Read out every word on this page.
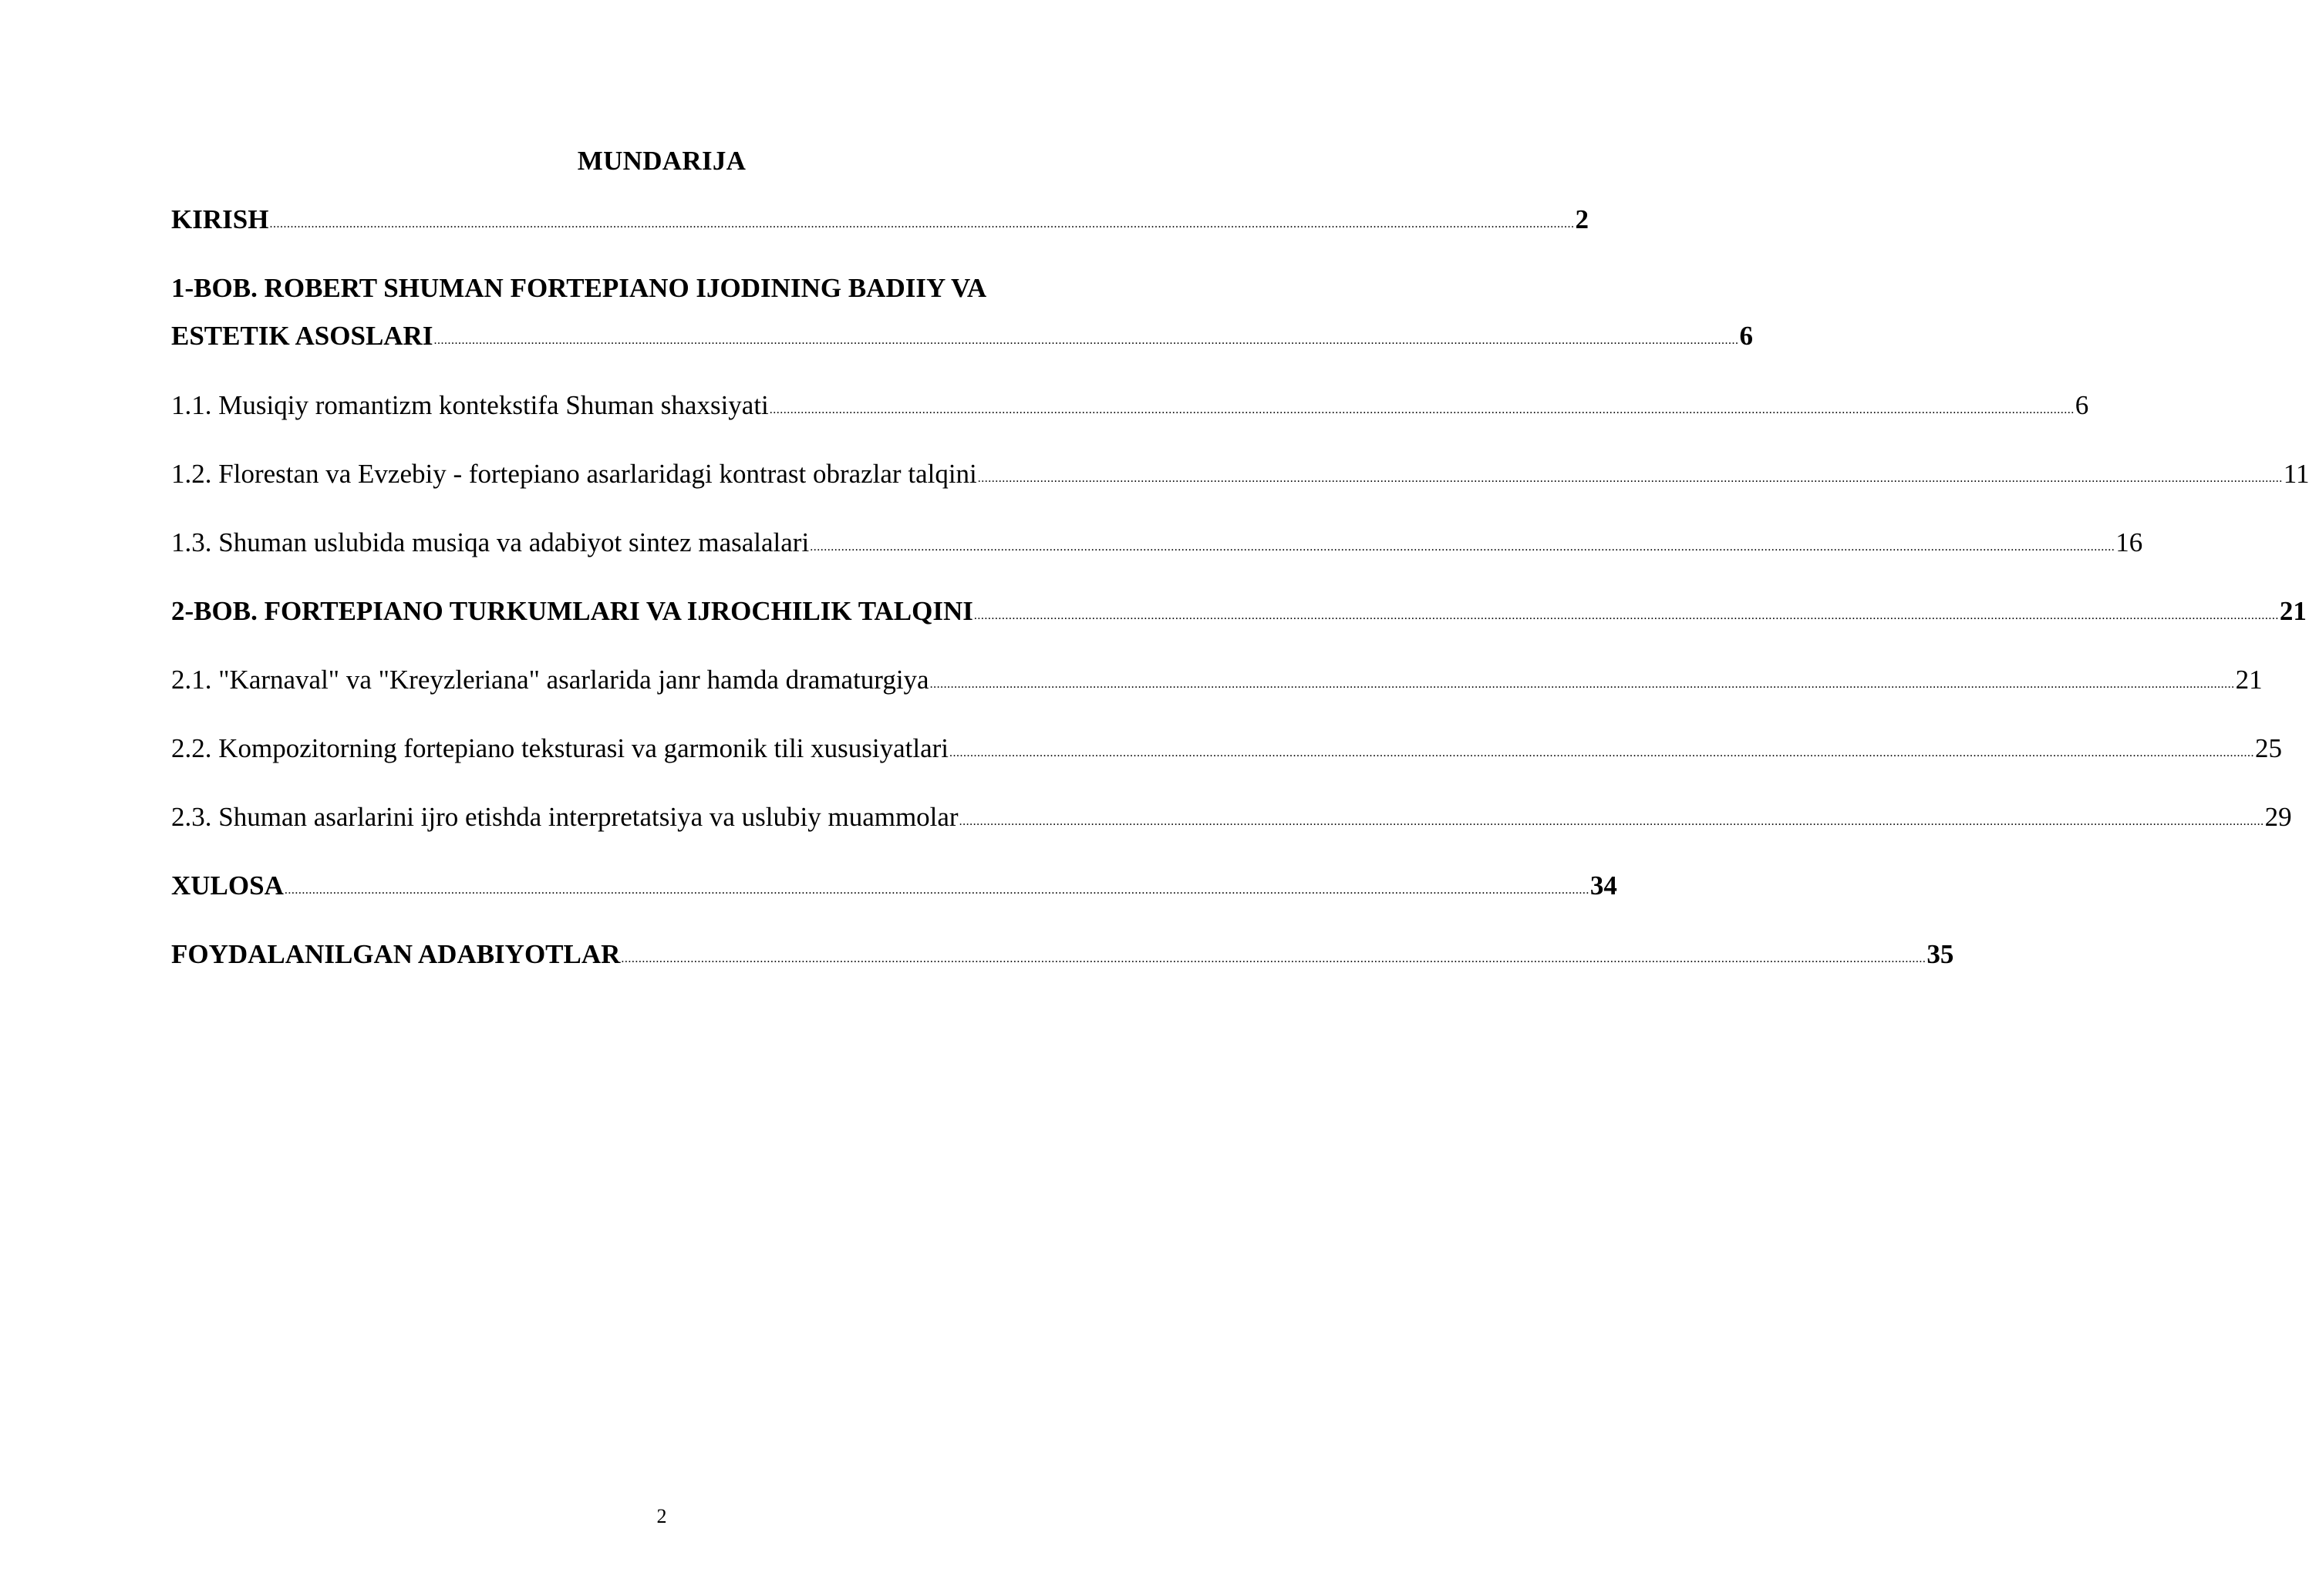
MUNDARIJA
KIRISH ........................................................................................................................................................................................................................................................................................................................................................................................ 2
1-BOB. ROBERT SHUMAN FORTEPIANO IJODINING BADIIY VA
ESTETIK ASOSLARI ........................................................................................................................................................................................................................................................................................................................................................................................ 6
1.1. Musiqiy romantizm kontekstifa Shuman shaxsiyati ........................................................................................................................................................................................................................................................................................................................................................................................ 6
1.2. Florestan va Evzebiy - fortepiano asarlaridagi kontrast obrazlar talqini ........................................................................................................................................................................................................................................................................................................................................................................................ 11
1.3. Shuman uslubida musiqa va adabiyot sintez masalalari ........................................................................................................................................................................................................................................................................................................................................................................................ 16
2-BOB. FORTEPIANO TURKUMLARI VA IJROCHILIK TALQINI ........................................................................................................................................................................................................................................................................................................................................................................................ 21
2.1. "Karnaval" va "Kreyzleriana" asarlarida janr hamda dramaturgiya ........................................................................................................................................................................................................................................................................................................................................................................................ 21
2.2. Kompozitorning fortepiano teksturasi va garmonik tili xususiyatlari ........................................................................................................................................................................................................................................................................................................................................................................................ 25
2.3. Shuman asarlarini ijro etishda interpretatsiya va uslubiy muammolar ........................................................................................................................................................................................................................................................................................................................................................................................ 29
XULOSA ........................................................................................................................................................................................................................................................................................................................................................................................ 34
FOYDALANILGAN ADABIYOTLAR ........................................................................................................................................................................................................................................................................................................................................................................................ 35
2
